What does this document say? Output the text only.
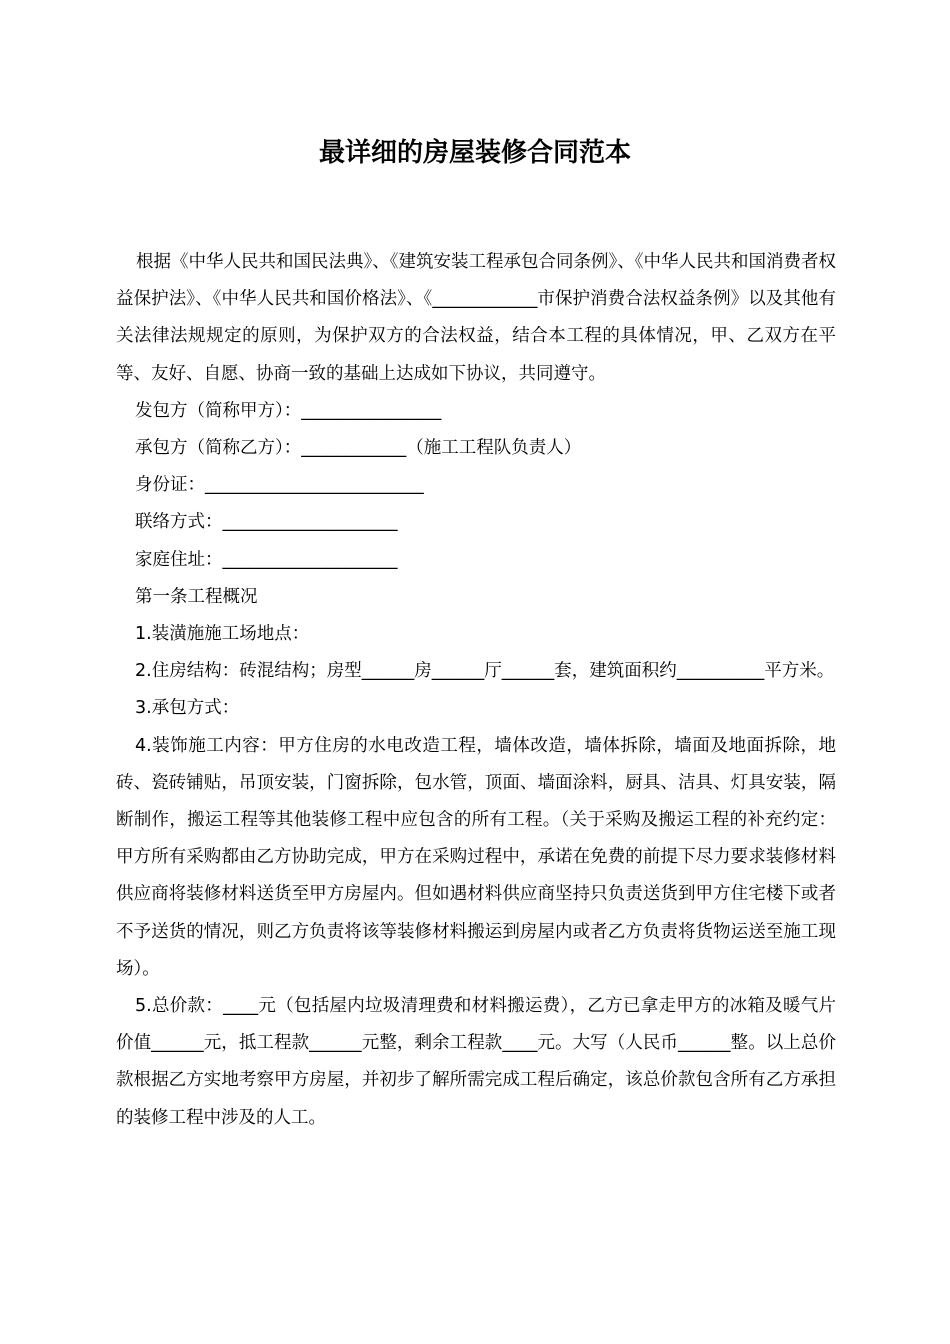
最详细的房屋装修合同范本

根据《中华人民共和国民法典》、《建筑安装工程承包合同条例》、《中华人民共和国消费者权益保护法》、《中华人民共和国价格法》、《____________市保护消费合法权益条例》以及其他有关法律法规规定的原则，为保护双方的合法权益，结合本工程的具体情况，甲、乙双方在平等、友好、自愿、协商一致的基础上达成如下协议，共同遵守。

发包方（简称甲方）：________________

承包方（简称乙方）：____________（施工工程队负责人）

身份证：_________________________

联络方式：____________________

家庭住址：____________________

第一条工程概况

1.装潢施施工场地点：

2.住房结构：砖混结构；房型______房______厅______套，建筑面积约__________平方米。

3.承包方式：

4.装饰施工内容：甲方住房的水电改造工程，墙体改造，墙体拆除，墙面及地面拆除，地砖、瓷砖铺贴，吊顶安装，门窗拆除，包水管，顶面、墙面涂料，厨具、洁具、灯具安装，隔断制作，搬运工程等其他装修工程中应包含的所有工程。（关于采购及搬运工程的补充约定：甲方所有采购都由乙方协助完成，甲方在采购过程中，承诺在免费的前提下尽力要求装修材料供应商将装修材料送货至甲方房屋内。但如遇材料供应商坚持只负责送货到甲方住宅楼下或者不予送货的情况，则乙方负责将该等装修材料搬运到房屋内或者乙方负责将货物运送至施工现场）。

5.总价款：____元（包括屋内垃圾清理费和材料搬运费），乙方已拿走甲方的冰箱及暖气片价值______元，抵工程款______元整，剩余工程款____元。大写（人民币______整。以上总价款根据乙方实地考察甲方房屋，并初步了解所需完成工程后确定，该总价款包含所有乙方承担的装修工程中涉及的人工。
